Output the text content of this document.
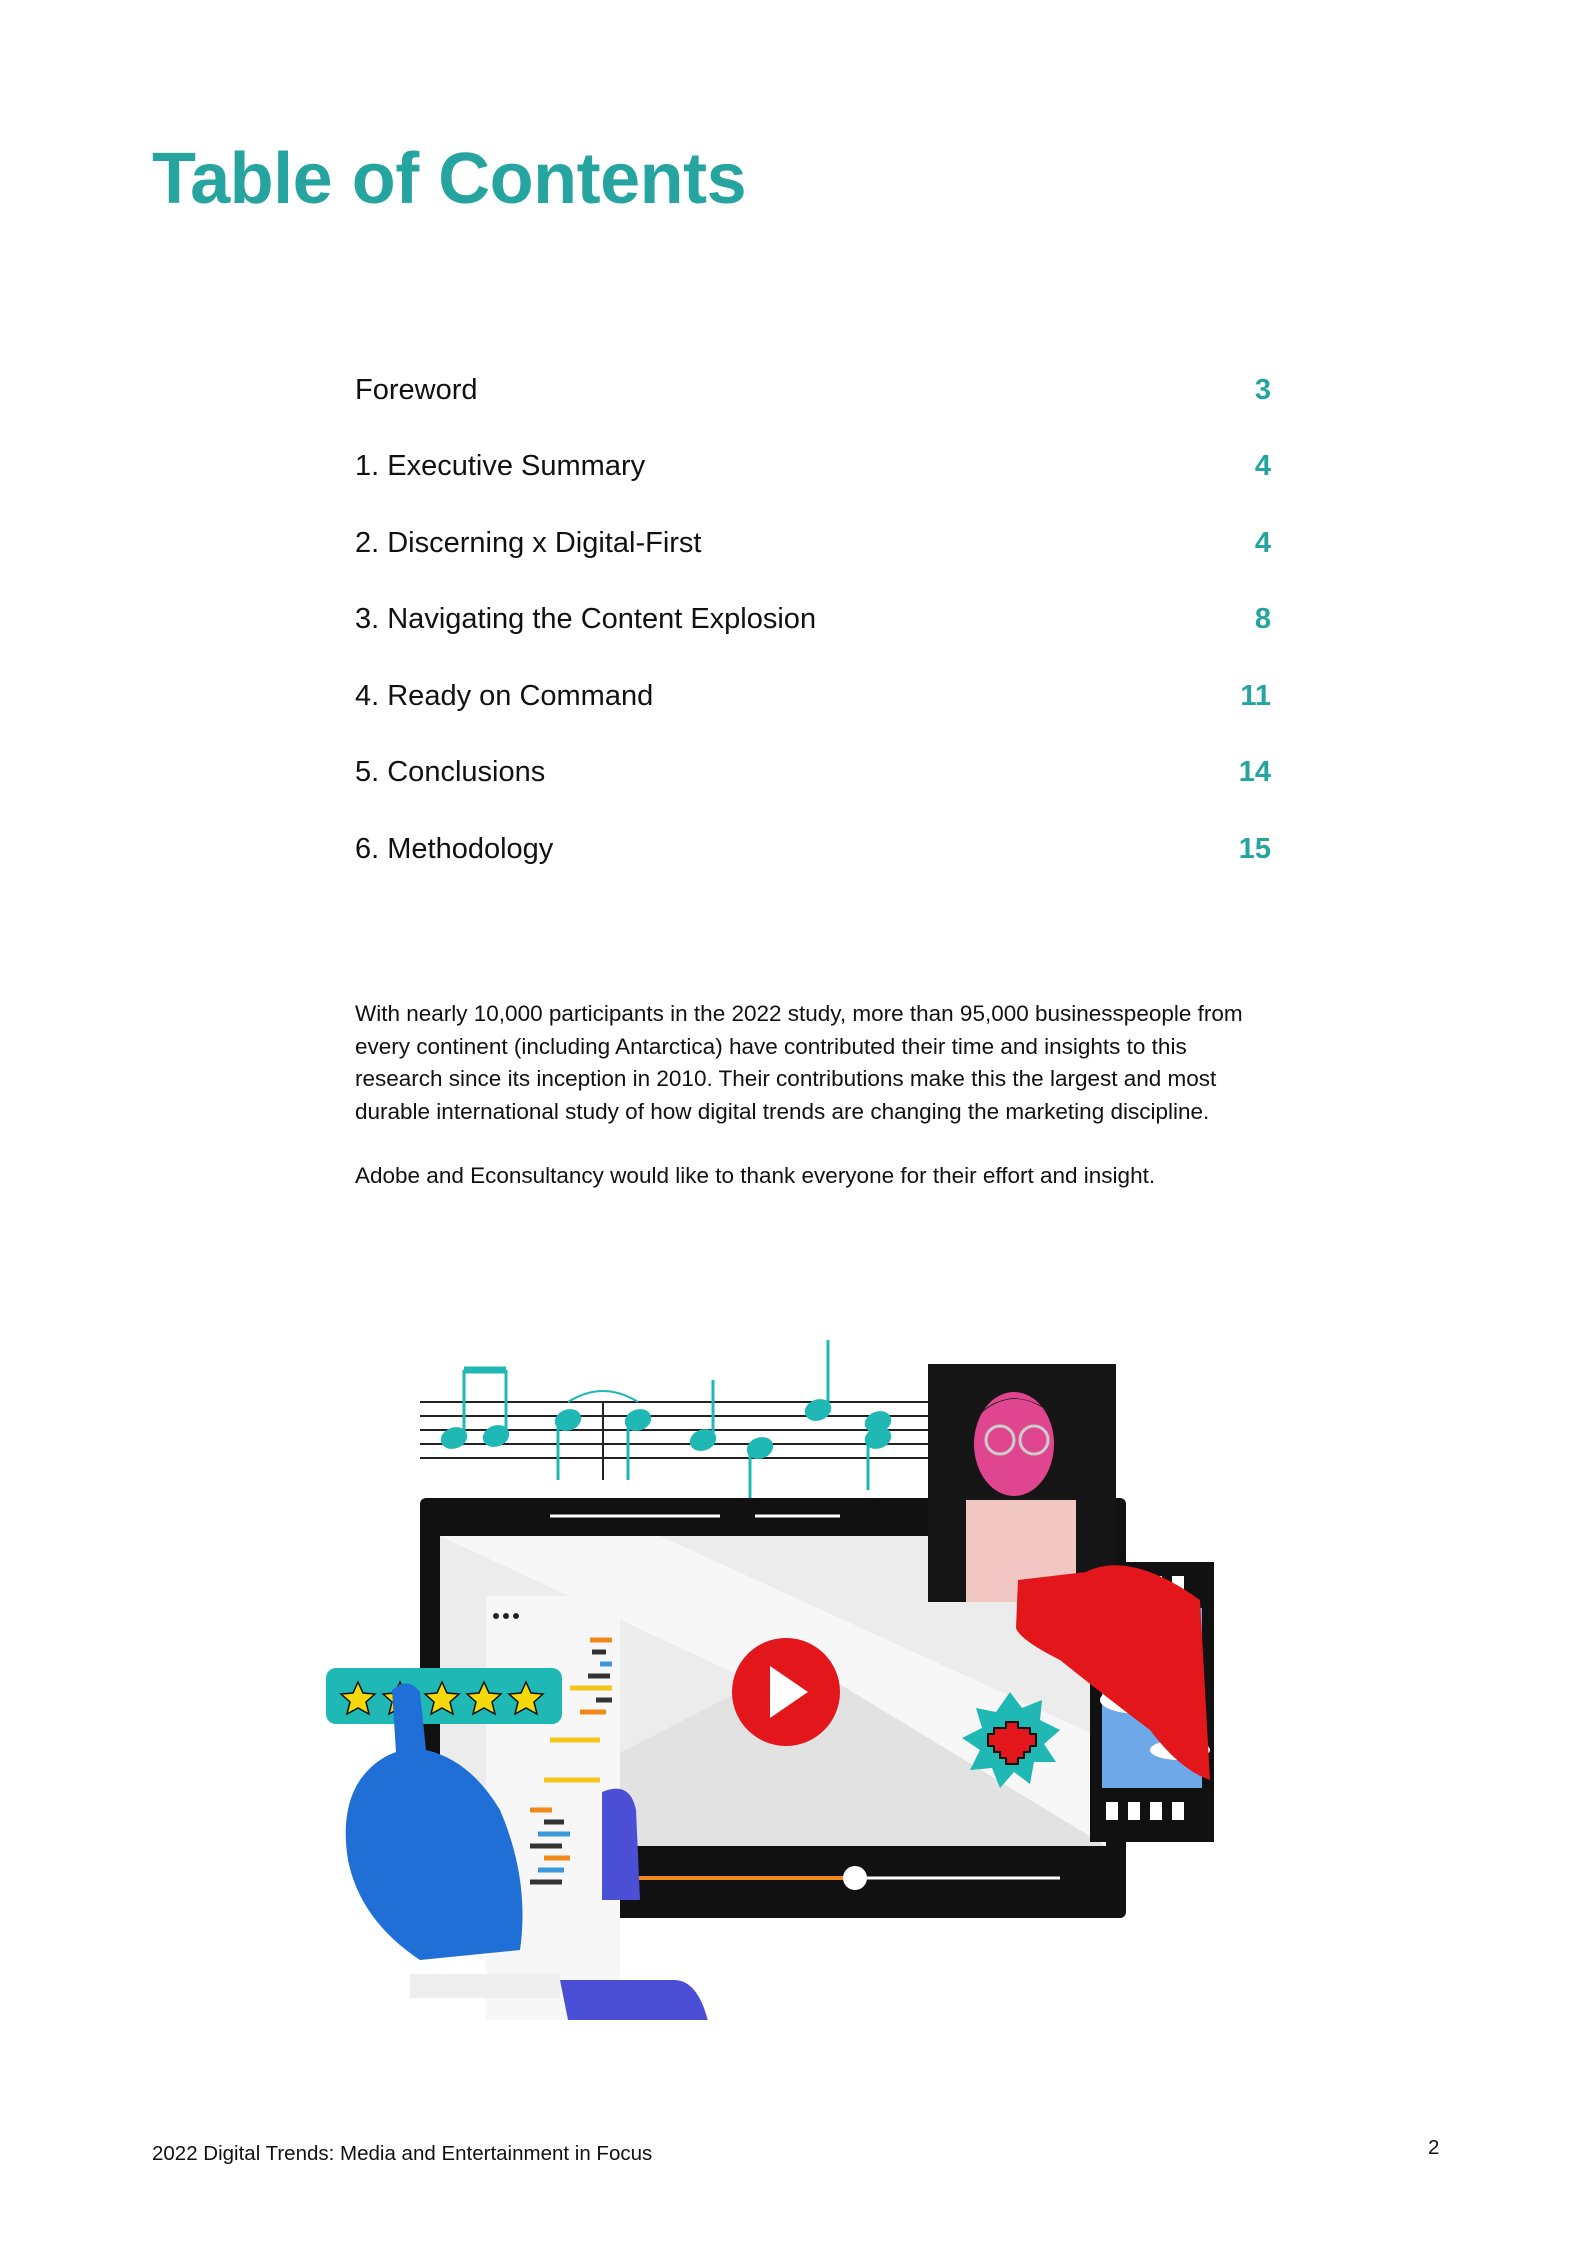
Table of Contents
Foreword	3
1. Executive Summary	4
2. Discerning x Digital-First	4
3. Navigating the Content Explosion	8
4. Ready on Command	11
5. Conclusions	14
6. Methodology	15

With nearly 10,000 participants in the 2022 study, more than 95,000 businesspeople from every continent (including Antarctica) have contributed their time and insights to this research since its inception in 2010. Their contributions make this the largest and most durable international study of how digital trends are changing the marketing discipline.

Adobe and Econsultancy would like to thank everyone for their effort and insight.

2022 Digital Trends: Media and Entertainment in Focus	2
